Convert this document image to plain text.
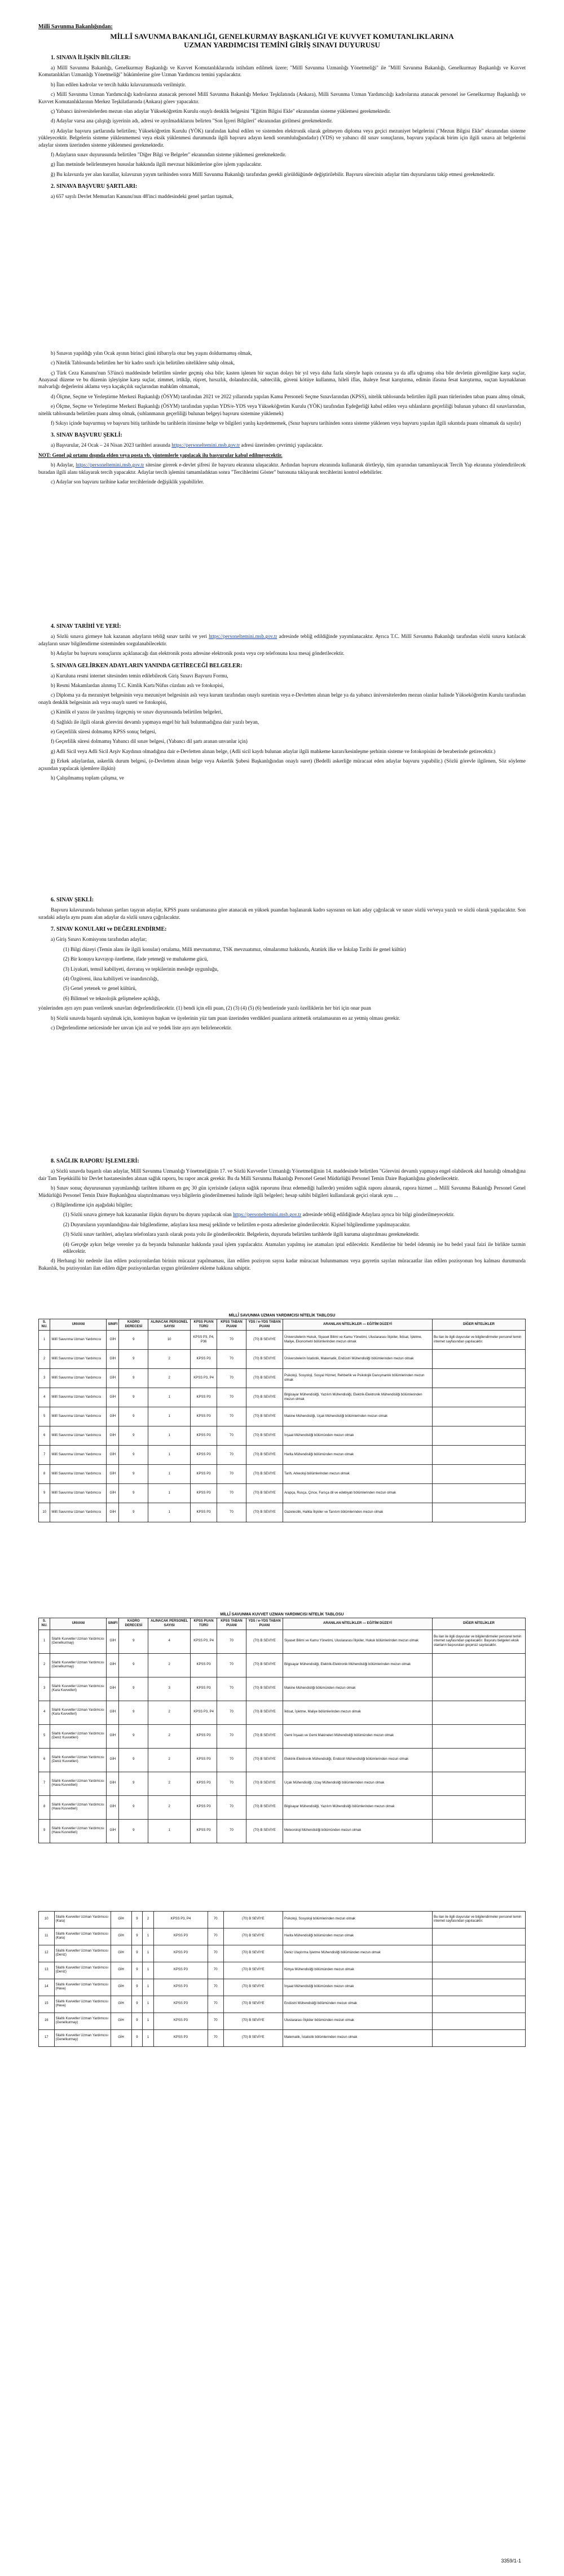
Millî Savunma Bakanlığından:

MİLLÎ SAVUNMA BAKANLIĞI, GENELKURMAY BAŞKANLIĞI VE KUVVET KOMUTANLIKLARINA

UZMAN YARDIMCISI TEMİNİ GİRİŞ SINAVI DUYURUSU

1. SINAVA İLİŞKİN BİLGİLER:

a) Millî Savunma Bakanlığı, Genelkurmay Başkanlığı ve Kuvvet Komutanlıklarında istihdam edilmek üzere; "Millî Savunma Uzmanlığı Yönetmeliği" ile "Millî Savunma Bakanlığı, Genelkurmay Başkanlığı ve Kuvvet Komutanlıkları Uzmanlığı Yönetmeliği" hükümlerine göre Uzman Yardımcısı temini yapılacaktır.

b) İlan edilen kadrolar ve tercih hakkı kılavuzumuzda verilmiştir.

c) Millî Savunma Uzman Yardımcılığı kadrolarına atanacak personel Millî Savunma Bakanlığı Merkez Teşkilatında (Ankara), Milli Savunma Uzman Yardımcılığı kadrolarına atanacak personel ise Genelkurmay Başkanlığı ve Kuvvet Komutanlıklarının Merkez Teşkilatlarında (Ankara) görev yapacaktır.

ç) Yabancı üniversitelerden mezun olan adaylar Yükseköğretim Kurulu onaylı denklik belgesini "Eğitim Bilgisi Ekle" ekranından sisteme yüklemesi gerekmektedir.

d) Adaylar varsa ana çalıştığı işyerinin adı, adresi ve ayrılmadıklarını belirten "Son İşyeri Bilgileri" ekranından girilmesi gerekmektedir.

e) Adaylar başvuru şartlarında belirtilen; Yükseköğretim Kurulu (YÖK) tarafından kabul edilen ve sistemden elektronik olarak gelmeyen diploma veya geçici mezuniyet belgelerini ("Mezun Bilgisi Ekle" ekranından sisteme yükleyecektir. Belgelerin sisteme yüklenmemesi veya eksik yüklenmesi durumunda ilgili başvuru adayın kendi sorumluluğundadır) (YDS) ve yabancı dil sınav sonuçlarını, başvuru yapılacak birim için ilgili sınava ait belgelerini adaylar sistem üzerinden sisteme yüklenmesi gerekmektedir.

f) Adayların sınav duyurusunda belirtilen "Diğer Bilgi ve Belgeler" ekranından sisteme yüklemesi gerekmektedir.

g) İlan metninde belirlenmeyen hususlar hakkında ilgili mevzuat hükümlerine göre işlem yapılacaktır.

ğ) Bu kılavuzda yer alan kurallar, kılavuzun yayım tarihinden sonra Millî Savunma Bakanlığı tarafından gerekli görüldüğünde değiştirilebilir. Başvuru sürecinin adaylar tüm duyurularını takip etmesi gerekmektedir.

2. SINAVA BAŞVURU ŞARTLARI:

a) 657 sayılı Devlet Memurları Kanunu'nun 48'inci maddesindeki genel şartları taşımak,

b) Sınavın yapıldığı yılın Ocak ayının birinci günü itibarıyla otuz beş yaşını doldurmamış olmak,

c) Nitelik Tablosunda belirtilen her bir kadro sınıfı için belirtilen niteliklere sahip olmak,

ç) Türk Ceza Kanunu'nun 53'üncü maddesinde belirtilen süreler geçmiş olsa bile; kasten işlenen bir suçtan dolayı bir yıl veya daha fazla süreyle hapis cezasına ya da affa uğramış olsa bile devletin güvenliğine karşı suçlar, Anayasal düzene ve bu düzenin işleyişine karşı suçlar, zimmet, irtikâp, rüşvet, hırsızlık, dolandırıcılık, sahtecilik, güveni kötüye kullanma, hileli iflas, ihaleye fesat karıştırma, edimin ifasına fesat karıştırma, suçtan kaynaklanan malvarlığı değerlerini aklama veya kaçakçılık suçlarından mahkûm olmamak,

d) Ölçme, Seçme ve Yerleştirme Merkezi Başkanlığı (ÖSYM) tarafından 2021 ve 2022 yıllarında yapılan Kamu Personeli Seçme Sınavlarından (KPSS), nitelik tablosunda belirtilen ilgili puan türlerinden taban puanı almış olmak,

e) Ölçme, Seçme ve Yerleştirme Merkezi Başkanlığı (ÖSYM) tarafından yapılan YDS/e-YDS veya Yükseköğretim Kurulu (YÖK) tarafından Eşdeğerliği kabul edilen veya sıhlanların geçerliliği bulunan yabancı dil sınavlarından, nitelik tablosunda belirtilen puanı almış olmak, (sıhlanmanın geçerliliği bulunan belgeyi başvuru sistemine yüklemek)

f) Sıkıyı içinde başvurmuş ve başvuru bitiş tarihinde bu tarihlerin itinsinne belge ve bilgileri yanlış kaydetmemek, (Sınır başvuru tarihinden sonra sisteme yüklenen veya başvuru yapılan ilgili sıkıntıda puanı olmamak da sayılır)

3. SINAV BAŞVURU ŞEKLİ:

a) Başvurular, 24 Ocak – 24 Nisan 2023 tarihleri arasında https://personeltemini.msb.gov.tr adresi üzerinden çevrimiçi yapılacaktır.

NOT: Genel ağ ortamı dışında elden veya posta vb. yöntemlerle yapılacak ilu başvurular kabul edilmeyecektir.

b) Adaylar, https://personeltemini.msb.gov.tr sitesine girerek e-devlet şifresi ile başvuru ekranına ulaşacaktır. Ardından başvuru ekranında kullanarak dörtleyip, tüm ayarından tamamlayacak Tercih Yap ekranına yönlendirilecek buradan ilgili alanı tıklayarak tercih yapacaktır. Adaylar tercih işlemini tamamladıktan sonra "Tercihlerimi Göster" butonuna tıklayarak tercihlerini kontrol edebilirler.

c) Adaylar son başvuru tarihine kadar tercihlerinde değişiklik yapabilirler.

4. SINAV TARİHİ VE YERİ:

a) Sözlü sınava girmeye hak kazanan adayların tebliğ sınav tarihi ve yeri https://personeltemini.msb.gov.tr adresinde tebliğ edildiğinde yayımlanacaktır. Ayrıca T.C. Millî Savunma Bakanlığı tarafından sözlü sınava katılacak adayların sınav bilgilendirme sisteminden sorgulanabilecektir.

b) Adaylar bu başvuru sonuçlarını açıklanacağı dan elektronik posta adresine elektronik posta veya cep telefonuna kısa mesaj gönderilecektir.

5. SINAVA GELİRKEN ADAYLARIN YANINDA GETİRECEĞİ BELGELER:

a) Kuruluna resmi internet sitesinden temin edilebilecek Giriş Sınavı Başvuru Formu,

b) Resmi Makamlardan alınmış T.C. Kimlik Kartı/Nüfus cüzdanı aslı ve fotokopisi,

c) Diploma ya da mezuniyet belgesinin veya mezuniyet belgesinin aslı veya kurum tarafından onaylı suretinin veya e-Devletten alınan belge ya da yabancı üniversitelerden mezun olanlar halinde Yükseköğretim Kurulu tarafından onaylı denklik belgesinin aslı veya onaylı sureti ve fotokopisi,

ç) Kimlik el yazısı ile yazılmış özgeçmiş ve sınav duyurusunda belirtilen belgeleri,

d) Sağlıklı ile ilgili olarak görevini devamlı yapmaya engel bir hali bulunmadığına dair yazılı beyan,

e) Geçerlilik süresi dolmamış KPSS sonuç belgesi,

f) Geçerlilik süresi dolmamış Yabancı dil sınav belgesi, (Yabancı dil şartı aranan unvanlar için)

g) Adli Sicil veya Adli Sicil Arşiv Kaydının olmadığına dair e-Devletten alınan belge, (Adli sicil kaydı bulunan adaylar ilgili mahkeme kararı/kesinleşme şerhinin sisteme ve fotokopisini de beraberinde getirecektir.)

ğ) Erkek adaylardan, askerlik durum belgesi, (e-Devletten alınan belge veya Askerlik Şubesi Başkanlığından onaylı suret) (Bedelli askerliğe müracaat eden adaylar başvuru yapabilir.) (Sözlü görevle ilgilenen, Söz söyleme açısından yapılacak işlemlere ilişkin)

h) Çalışılmamış toplam çalışma, ve

6. SINAV ŞEKLİ:

Başvuru kılavuzunda bulunan şartları taşıyan adaylar, KPSS puanı sıralamasına göre atanacak en yüksek puandan başlanarak kadro sayısının on katı aday çağrılacak ve sınav sözlü ve/veya yazılı ve sözlü olarak yapılacaktır. Son sıradaki adayla aynı puanı alan adaylar da sözlü sınava çağrılacaktır.

7. SINAV KONULARI ve DEĞERLENDİRME:

a) Giriş Sınavı Komisyonu tarafından adaylar;

(1) Bilgi düzeyi (Temin alanı ile ilgili konular) ortalama, Milli mevzuatımız, TSK mevzuatımız, olmalarımız hakkında, Atatürk ilke ve İnkılap Tarihi ile genel kültür)

(2) Bir konuyu kavrayıp özetleme, ifade yeteneği ve muhakeme gücü,

(3) Liyakati, temsil kabiliyeti, davranış ve tepkilerinin mesleğe uygunluğu,

(4) Özgüveni, ikna kabiliyeti ve inandırıcılığı,

(5) Genel yetenek ve genel kültürü,

(6) Bilimsel ve teknolojik gelişmelere açıklığı,

yönlerinden ayrı ayrı puan verilerek sınavları değerlendirilecektir. (1) bendi için elli puan, (2) (3) (4) (5) (6) bentlerinde yazılı özelliklerin her biri için onar puan

b) Sözlü sınavda başarılı sayılmak için, komisyon başkan ve üyelerinin yüz tam puan üzerinden verdikleri puanların aritmetik ortalamasının en az yetmiş olması gerekir.

c) Değerlendirme neticesinde her unvan için asıl ve yedek liste ayrı ayrı belirlenecektir.

8. SAĞLIK RAPORU İŞLEMLERİ:

a) Sözlü sınavda başarılı olan adaylar, Millî Savunma Uzmanlığı Yönetmeliğinin 17. ve Sözlü Kuvvetler Uzmanlığı Yönetmeliğinin 14. maddesinde belirtilen "Görevini devamlı yapmaya engel olabilecek akıl hastalığı olmadığına dair Tam Teşekküllü bir Devlet hastanesinden alınan sağlık raporu, bu rapor ancak gerekir. Bu da Milli Savunma Bakanlığı Personel Genel Müdürlüğü Personel Temin Daire Başkanlığına gönderilecektir.

b) Sınav sonuç duyurusunun yayımlandığı tarihten itibaren en geç 30 gün içerisinde (adayın sağlık raporunu ibraz edemediği hallerde) yeniden sağlık raporu alınarak, rapora hizmet ... Millî Savunma Bakanlığı Personel Genel Müdürlüğü Personel Temin Daire Başkanlığına ulaştırılmaması veya bilgilerin gönderilmemesi halinde ilgili belgeleri; hesap sahibi bilgileri kullanılarak geçici olarak aynı ...

c) Bilgilendirme için aşağıdaki bilgiler;

(1) Sözlü sınava girmeye hak kazananlar ilişkin duyuru bu duyuru yapılacak olan https://personeltemini.msb.gov.tr adresinde tebliğ edildiğinde Adaylara ayrıca bir bilgi gönderilmeyecektir.

(2) Duyuruların yayımlandığına dair bilgilendirme, adaylara kısa mesaj şeklinde ve belirtilen e-posta adreslerine gönderilecektir. Kişisel bilgilendirme yapılmayacaktır.

(3) Sözlü sınav tarihleri, adaylara telefonlara yazılı olarak posta yolu ile gönderilecektir. Belgelerin, duyuruda belirtilen tarihlerde ilgili kuruma ulaştırılması gerekmektedir.

(4) Gerçeğe aykırı belge verenler ya da beyanda bulunanlar hakkında yasal işlem yapılacaktır. Atamaları yapılmış ise atamaları iptal edilecektir. Kendilerine bir bedel ödenmiş ise bu bedel yasal faizi ile birlikte tazmin edilecektir.

d) Herhangi bir nedenle ilan edilen pozisyonlardan birinin mücazat yapılmaması, ilan edilen pozisyon sayısı kadar müracaat bulunmaması veya gayretin sayılan müracaatlar ilan edilen pozisyonun boş kalması durumunda Bakanlık, bu pozisyonları ilan edilen diğer pozisyonlardan uygun görülenlere ekleme hakkına sahiptir.

MİLLÎ SAVUNMA UZMAN YARDIMCISI NİTELİK TABLOSU
S. NU.	UNVANI	SINIFI	KADRO DERECESİ	ALINACAK PERSONEL SAYISI	KPSS PUAN TÜRÜ	KPSS TABAN PUANI	YDS / e-YDS TABAN PUANI	ARANILAN NİTELİKLER — EĞİTİM DÜZEYİ	DİĞER NİTELİKLER
1	Millî Savunma Uzman Yardımcısı	GİH	9	10	KPSS P3, P4, P36	70	(70) B SEVİYE	Üniversitelerin Hukuk, Siyaset Bilimi ve Kamu Yönetimi, Uluslararası İlişkiler, İktisat, İşletme, Maliye, Ekonometri bölümlerinden mezun olmak	Bu ilan ile ilgili duyurular ve bilgilendirmeler personel temin internet sayfasından yapılacaktır.
2	Millî Savunma Uzman Yardımcısı	GİH	9	2	KPSS P3	70	(70) B SEVİYE	Üniversitelerin İstatistik, Matematik, Endüstri Mühendisliği bölümlerinden mezun olmak	
3	Millî Savunma Uzman Yardımcısı	GİH	9	2	KPSS P3, P4	70	(70) B SEVİYE	Psikoloji, Sosyoloji, Sosyal Hizmet, Rehberlik ve Psikolojik Danışmanlık bölümlerinden mezun olmak	
4	Millî Savunma Uzman Yardımcısı	GİH	9	1	KPSS P3	70	(70) B SEVİYE	Bilgisayar Mühendisliği, Yazılım Mühendisliği, Elektrik-Elektronik Mühendisliği bölümlerinden mezun olmak	
5	Millî Savunma Uzman Yardımcısı	GİH	9	1	KPSS P3	70	(70) B SEVİYE	Makine Mühendisliği, Uçak Mühendisliği bölümlerinden mezun olmak	
6	Millî Savunma Uzman Yardımcısı	GİH	9	1	KPSS P3	70	(70) B SEVİYE	İnşaat Mühendisliği bölümünden mezun olmak	
7	Millî Savunma Uzman Yardımcısı	GİH	9	1	KPSS P3	70	(70) B SEVİYE	Harita Mühendisliği bölümünden mezun olmak	
8	Millî Savunma Uzman Yardımcısı	GİH	9	1	KPSS P3	70	(70) B SEVİYE	Tarih, Arkeoloji bölümlerinden mezun olmak	
9	Millî Savunma Uzman Yardımcısı	GİH	9	1	KPSS P3	70	(70) B SEVİYE	Arapça, Rusça, Çince, Farsça dil ve edebiyatı bölümlerinden mezun olmak	
10	Millî Savunma Uzman Yardımcısı	GİH	9	1	KPSS P3	70	(70) B SEVİYE	Gazetecilik, Halkla İlişkiler ve Tanıtım bölümlerinden mezun olmak	
MİLLÎ SAVUNMA KUVVET UZMAN YARDIMCISI NİTELİK TABLOSU
S. NU.	UNVANI	SINIFI	KADRO DERECESİ	ALINACAK PERSONEL SAYISI	KPSS PUAN TÜRÜ	KPSS TABAN PUANI	YDS / e-YDS TABAN PUANI	ARANILAN NİTELİKLER — EĞİTİM DÜZEYİ	DİĞER NİTELİKLER
1	Silahlı Kuvvetler Uzman Yardımcısı (Genelkurmay)	GİH	9	4	KPSS P3, P4	70	(70) B SEVİYE	Siyaset Bilimi ve Kamu Yönetimi, Uluslararası İlişkiler, Hukuk bölümlerinden mezun olmak	Bu ilan ile ilgili duyurular ve bilgilendirmeler personel temin internet sayfasından yapılacaktır. Başvuru belgeleri eksik olanların başvuruları geçersiz sayılacaktır.
2	Silahlı Kuvvetler Uzman Yardımcısı (Genelkurmay)	GİH	9	2	KPSS P3	70	(70) B SEVİYE	Bilgisayar Mühendisliği, Elektrik-Elektronik Mühendisliği bölümlerinden mezun olmak	
3	Silahlı Kuvvetler Uzman Yardımcısı (Kara Kuvvetleri)	GİH	9	3	KPSS P3	70	(70) B SEVİYE	Makine Mühendisliği bölümünden mezun olmak	
4	Silahlı Kuvvetler Uzman Yardımcısı (Kara Kuvvetleri)	GİH	9	2	KPSS P3, P4	70	(70) B SEVİYE	İktisat, İşletme, Maliye bölümlerinden mezun olmak	
5	Silahlı Kuvvetler Uzman Yardımcısı (Deniz Kuvvetleri)	GİH	9	2	KPSS P3	70	(70) B SEVİYE	Gemi İnşaatı ve Gemi Makineleri Mühendisliği bölümünden mezun olmak	
6	Silahlı Kuvvetler Uzman Yardımcısı (Deniz Kuvvetleri)	GİH	9	2	KPSS P3	70	(70) B SEVİYE	Elektrik-Elektronik Mühendisliği, Endüstri Mühendisliği bölümlerinden mezun olmak	
7	Silahlı Kuvvetler Uzman Yardımcısı (Hava Kuvvetleri)	GİH	9	2	KPSS P3	70	(70) B SEVİYE	Uçak Mühendisliği, Uzay Mühendisliği bölümlerinden mezun olmak	
8	Silahlı Kuvvetler Uzman Yardımcısı (Hava Kuvvetleri)	GİH	9	2	KPSS P3	70	(70) B SEVİYE	Bilgisayar Mühendisliği, Yazılım Mühendisliği bölümlerinden mezun olmak	
9	Silahlı Kuvvetler Uzman Yardımcısı (Hava Kuvvetleri)	GİH	9	1	KPSS P3	70	(70) B SEVİYE	Meteoroloji Mühendisliği bölümünden mezun olmak	
10	Silahlı Kuvvetler Uzman Yardımcısı (Kara)	GİH	9	2	KPSS P3, P4	70	(70) B SEVİYE	Psikoloji, Sosyoloji bölümlerinden mezun olmak	Bu ilan ile ilgili duyurular ve bilgilendirmeler personel temin internet sayfasından yapılacaktır.
11	Silahlı Kuvvetler Uzman Yardımcısı (Kara)	GİH	9	1	KPSS P3	70	(70) B SEVİYE	Harita Mühendisliği bölümünden mezun olmak	
12	Silahlı Kuvvetler Uzman Yardımcısı (Deniz)	GİH	9	1	KPSS P3	70	(70) B SEVİYE	Deniz Ulaştırma İşletme Mühendisliği bölümünden mezun olmak	
13	Silahlı Kuvvetler Uzman Yardımcısı (Deniz)	GİH	9	1	KPSS P3	70	(70) B SEVİYE	Kimya Mühendisliği bölümünden mezun olmak	
14	Silahlı Kuvvetler Uzman Yardımcısı (Hava)	GİH	9	1	KPSS P3	70	(70) B SEVİYE	İnşaat Mühendisliği bölümünden mezun olmak	
15	Silahlı Kuvvetler Uzman Yardımcısı (Hava)	GİH	9	1	KPSS P3	70	(70) B SEVİYE	Endüstri Mühendisliği bölümünden mezun olmak	
16	Silahlı Kuvvetler Uzman Yardımcısı (Genelkurmay)	GİH	9	1	KPSS P3	70	(70) B SEVİYE	Uluslararası İlişkiler bölümünden mezun olmak	
17	Silahlı Kuvvetler Uzman Yardımcısı (Genelkurmay)	GİH	9	1	KPSS P3	70	(70) B SEVİYE	Matematik, İstatistik bölümlerinden mezun olmak	
3359/1-1
